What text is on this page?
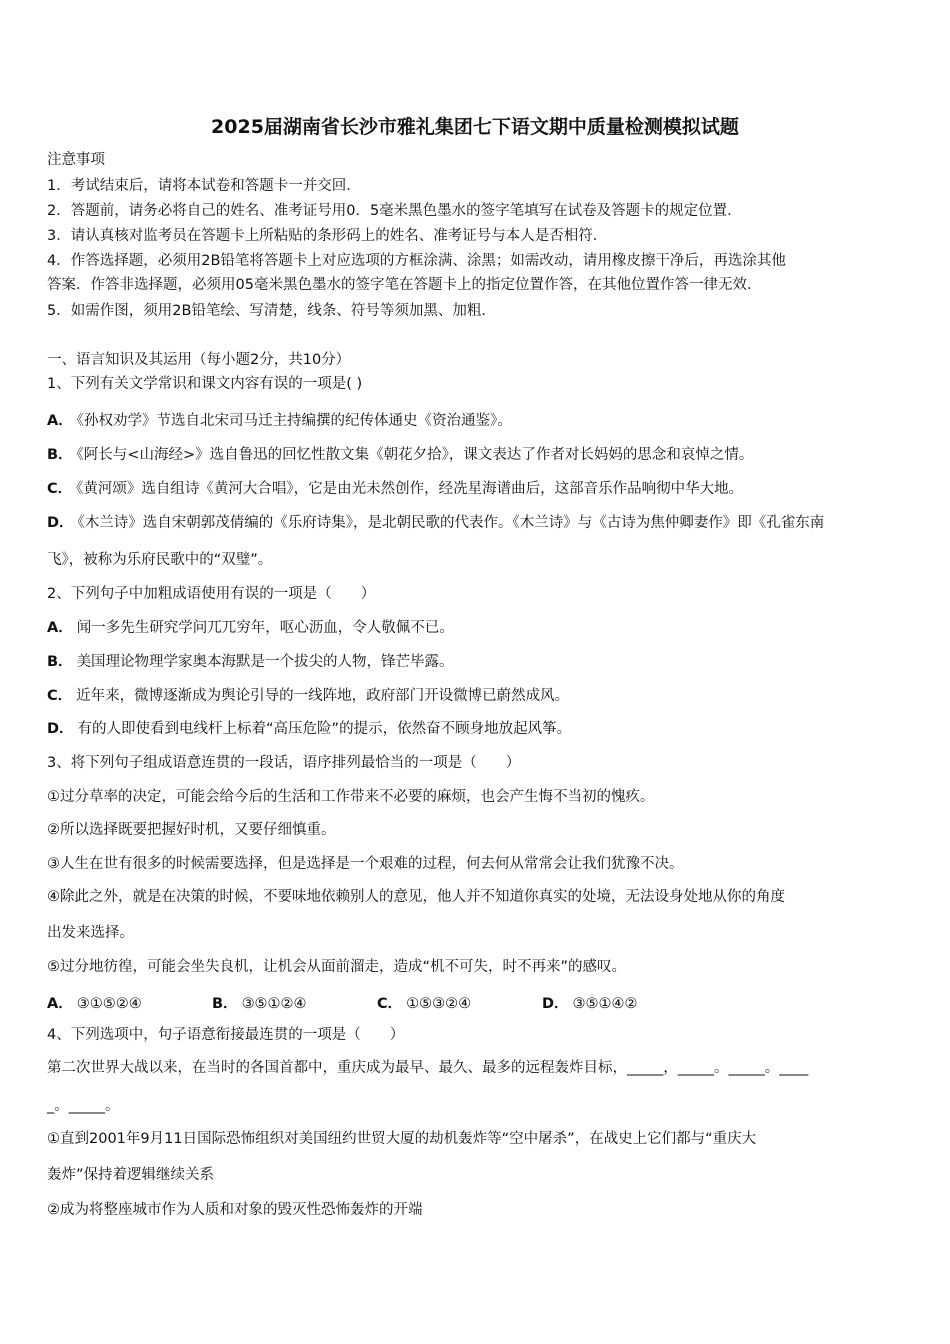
2025届湖南省长沙市雅礼集团七下语文期中质量检测模拟试题
注意事项
1．考试结束后，请将本试卷和答题卡一并交回．
2．答题前，请务必将自己的姓名、准考证号用0．5毫米黑色墨水的签字笔填写在试卷及答题卡的规定位置．
3．请认真核对监考员在答题卡上所粘贴的条形码上的姓名、准考证号与本人是否相符．
4．作答选择题，必须用2B铅笔将答题卡上对应选项的方框涂满、涂黑；如需改动，请用橡皮擦干净后，再选涂其他
答案．作答非选择题，必须用05毫米黑色墨水的签字笔在答题卡上的指定位置作答，在其他位置作答一律无效．
5．如需作图，须用2B铅笔绘、写清楚，线条、符号等须加黑、加粗．
一、语言知识及其运用（每小题2分，共10分）
1、下列有关文学常识和课文内容有误的一项是( )
A． 《孙权劝学》节选自北宋司马迁主持编撰的纪传体通史《资治通鉴》。
B． 《阿长与<山海经>》选自鲁迅的回忆性散文集《朝花夕拾》，课文表达了作者对长妈妈的思念和哀悼之情。
C． 《黄河颂》选自组诗《黄河大合唱》，它是由光未然创作，经冼星海谱曲后，这部音乐作品响彻中华大地。
D． 《木兰诗》选自宋朝郭茂倩编的《乐府诗集》，是北朝民歌的代表作。《木兰诗》与《古诗为焦仲卿妻作》即《孔雀东南
飞》，被称为乐府民歌中的“双璧”。
2、下列句子中加粗成语使用有误的一项是（　　）
A． 闻一多先生研究学问兀兀穷年，呕心沥血，令人敬佩不已。
B． 美国理论物理学家奥本海默是一个拔尖的人物，锋芒毕露。
C． 近年来，微博逐渐成为舆论引导的一线阵地，政府部门开设微博已蔚然成风。
D． 有的人即使看到电线杆上标着“高压危险”的提示，依然奋不顾身地放起风筝。
3、将下列句子组成语意连贯的一段话，语序排列最恰当的一项是（　　）
①过分草率的决定，可能会给今后的生活和工作带来不必要的麻烦，也会产生悔不当初的愧疚。
②所以选择既要把握好时机，又要仔细慎重。
③人生在世有很多的时候需要选择，但是选择是一个艰难的过程，何去何从常常会让我们犹豫不决。
④除此之外，就是在决策的时候，不要味地依赖别人的意见，他人并不知道你真实的处境，无法设身处地从你的角度
出发来选择。
⑤过分地彷徨，可能会坐失良机，让机会从面前溜走，造成“机不可失，时不再来”的感叹。
4、下列选项中，句子语意衔接最连贯的一项是（　　）
第二次世界大战以来，在当时的各国首都中，重庆成为最早、最久、最多的远程轰炸目标，_____，_____。_____。____
_。_____。
①直到2001年9月11日国际恐怖组织对美国纽约世贸大厦的劫机轰炸等“空中屠杀”，在战史上它们都与“重庆大
轰炸”保持着逻辑继续关系
②成为将整座城市作为人质和对象的毁灭性恐怖轰炸的开端
A． ③①⑤②④	B． ③⑤①②④	C． ①⑤③②④	D． ③⑤①④②
